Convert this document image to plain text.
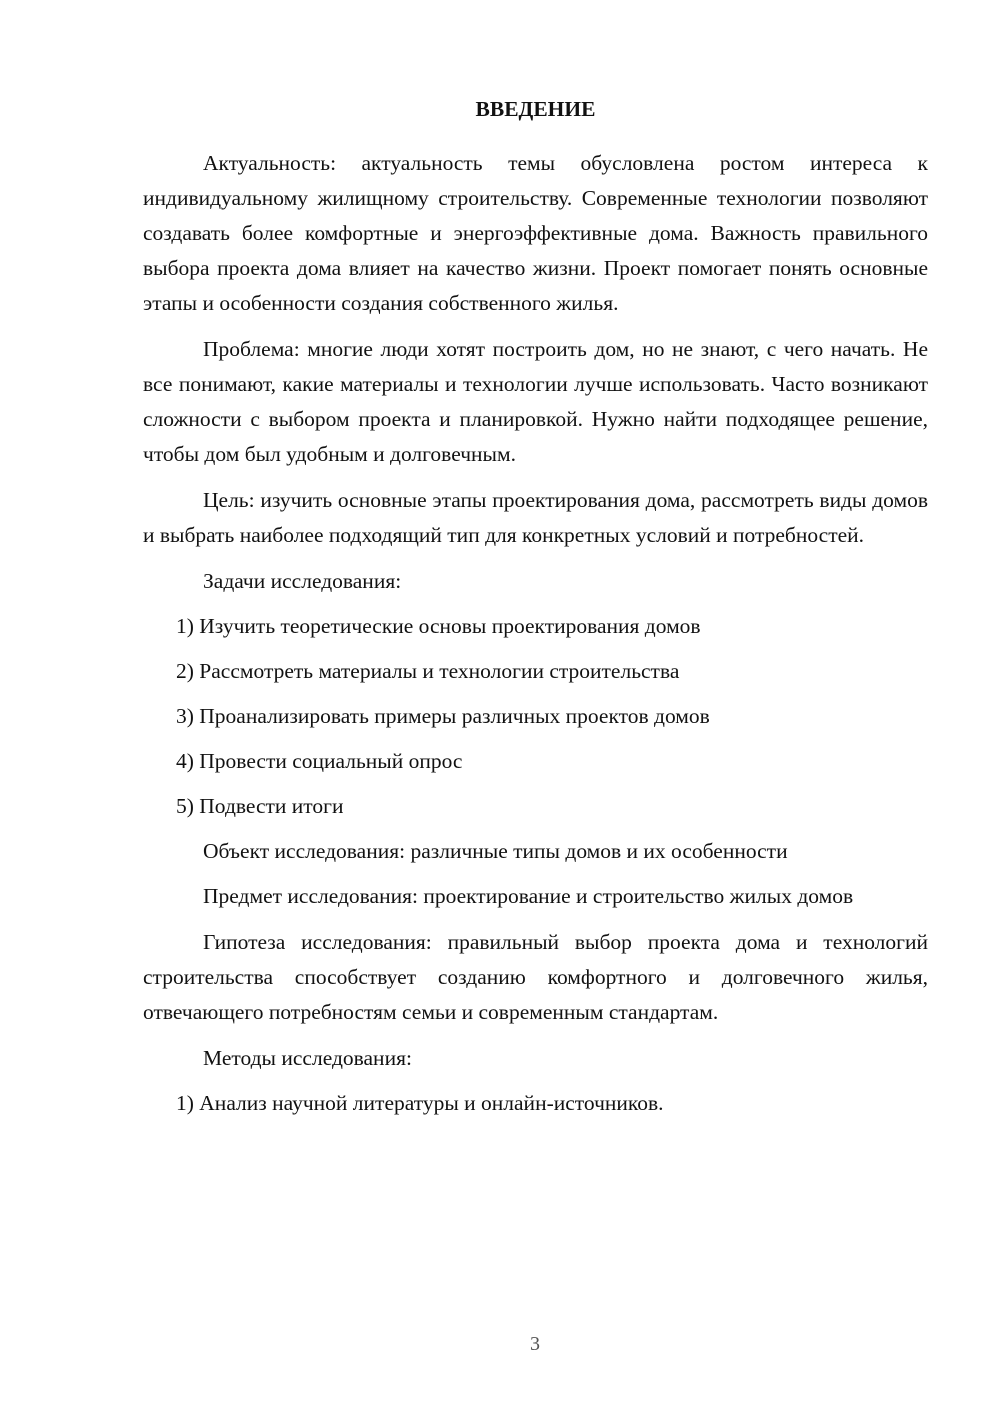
ВВЕДЕНИЕ

Актуальность: актуальность темы обусловлена ростом интереса к индивидуальному жилищному строительству. Современные технологии позволяют создавать более комфортные и энергоэффективные дома. Важность правильного выбора проекта дома влияет на качество жизни. Проект помогает понять основные этапы и особенности создания собственного жилья.

Проблема: многие люди хотят построить дом, но не знают, с чего начать. Не все понимают, какие материалы и технологии лучше использовать. Часто возникают сложности с выбором проекта и планировкой. Нужно найти подходящее решение, чтобы дом был удобным и долговечным.

Цель: изучить основные этапы проектирования дома, рассмотреть виды домов и выбрать наиболее подходящий тип для конкретных условий и потребностей.

Задачи исследования:

1) Изучить теоретические основы проектирования домов
2) Рассмотреть материалы и технологии строительства
3) Проанализировать примеры различных проектов домов
4) Провести социальный опрос
5) Подвести итоги

Объект исследования: различные типы домов и их особенности

Предмет исследования: проектирование и строительство жилых домов

Гипотеза исследования: правильный выбор проекта дома и технологий строительства способствует созданию комфортного и долговечного жилья, отвечающего потребностям семьи и современным стандартам.

Методы исследования:

1) Анализ научной литературы и онлайн-источников.
3
